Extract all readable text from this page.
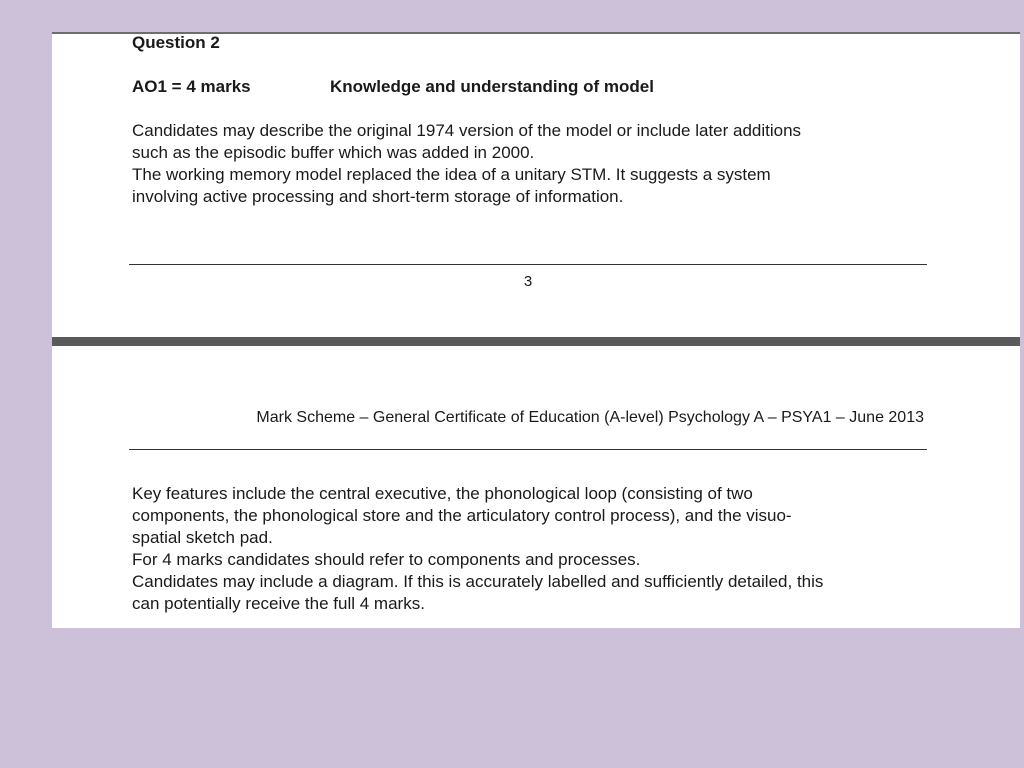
Question 2
AO1 = 4 marks	Knowledge and understanding of model
Candidates may describe the original 1974 version of the model or include later additions
such as the episodic buffer which was added in 2000.
The working memory model replaced the idea of a unitary STM. It suggests a system
involving active processing and short-term storage of information.
3
Mark Scheme – General Certificate of Education (A-level) Psychology A – PSYA1 – June 2013
Key features include the central executive, the phonological loop (consisting of two
components, the phonological store and the articulatory control process), and the visuo-
spatial sketch pad.
For 4 marks candidates should refer to components and processes.
Candidates may include a diagram. If this is accurately labelled and sufficiently detailed, this
can potentially receive the full 4 marks.
